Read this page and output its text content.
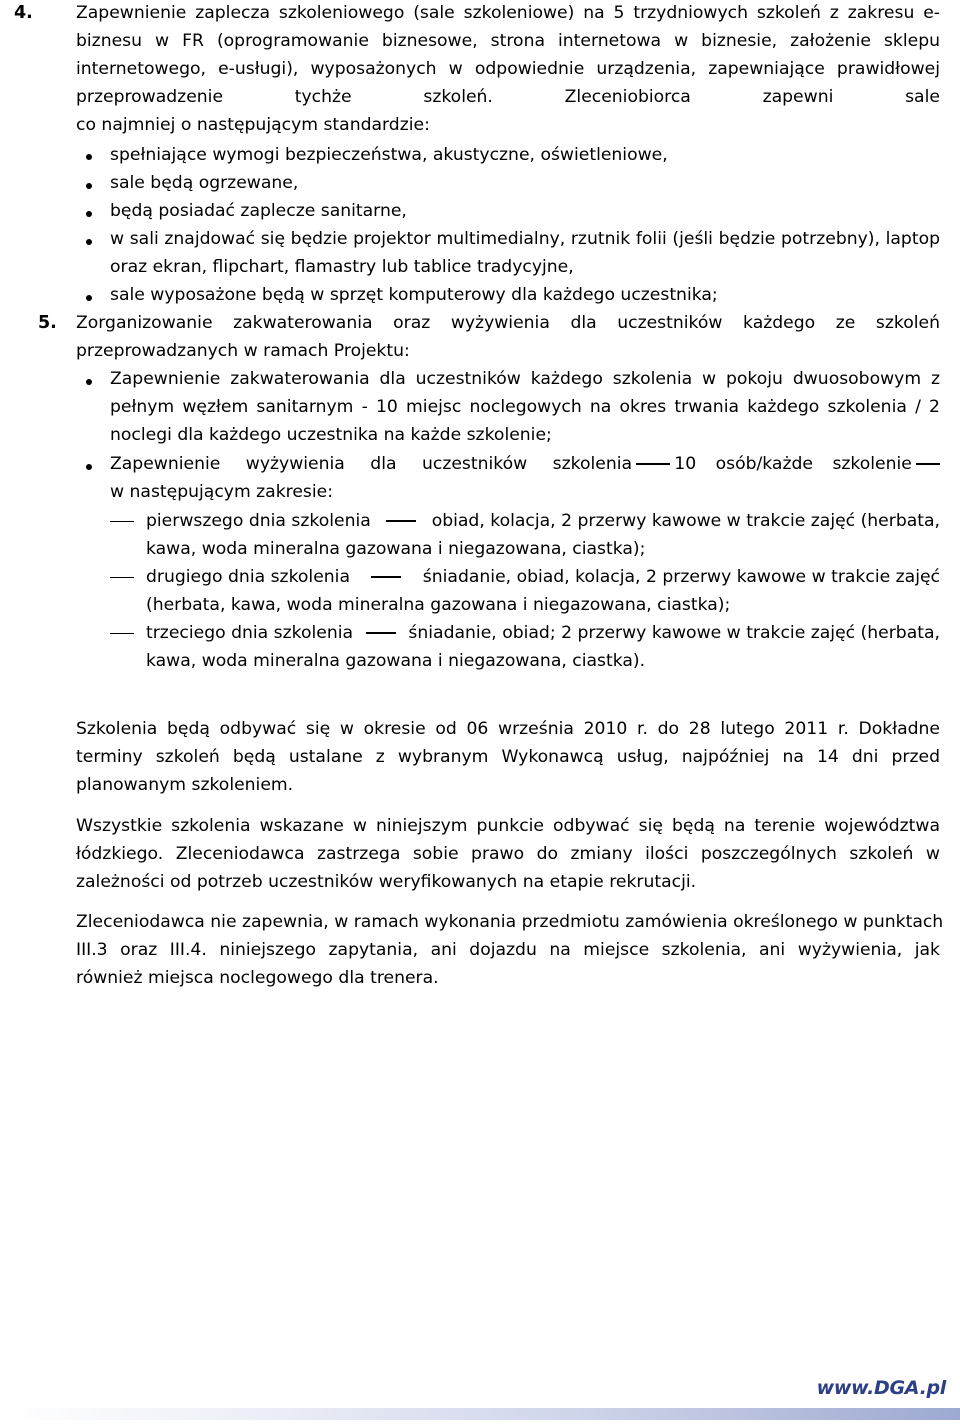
4.	Zapewnienie zaplecza szkoleniowego (sale szkoleniowe) na 5 trzydniowych szkoleń z zakresu e-
biznesu w FR (oprogramowanie biznesowe, strona internetowa w biznesie, założenie sklepu
internetowego, e-usługi), wyposażonych w odpowiednie urządzenia, zapewniające prawidłowej
przeprowadzenie	tychże	szkoleń.	Zleceniobiorca	zapewni	sale
co najmniej o następującym standardzie:
spełniające wymogi bezpieczeństwa, akustyczne, oświetleniowe,
sale będą ogrzewane,
będą posiadać zaplecze sanitarne,
w sali znajdować się będzie projektor multimedialny, rzutnik folii (jeśli będzie potrzebny), laptop
oraz ekran, flipchart, flamastry lub tablice tradycyjne,
sale wyposażone będą w sprzęt komputerowy dla każdego uczestnika;
5. Zorganizowanie zakwaterowania oraz wyżywienia dla uczestników każdego ze szkoleń
przeprowadzanych w ramach Projektu:
Zapewnienie zakwaterowania dla uczestników każdego szkolenia w pokoju dwuosobowym z
pełnym węzłem sanitarnym - 10 miejsc noclegowych na okres trwania każdego szkolenia / 2
noclegi dla każdego uczestnika na każde szkolenie;
Zapewnienie wyżywienia dla uczestników szkolenia 10 osób/każde szkolenie
w następującym zakresie:
pierwszego dnia szkolenia	obiad, kolacja, 2 przerwy kawowe w trakcie zajęć (herbata,
kawa, woda mineralna gazowana i niegazowana, ciastka);
drugiego dnia szkolenia	śniadanie, obiad, kolacja, 2 przerwy kawowe w trakcie zajęć
(herbata, kawa, woda mineralna gazowana i niegazowana, ciastka);
trzeciego dnia szkolenia	śniadanie, obiad; 2 przerwy kawowe w trakcie zajęć (herbata,
kawa, woda mineralna gazowana i niegazowana, ciastka).
Szkolenia będą odbywać się w okresie od 06 września 2010 r. do 28 lutego 2011 r. Dokładne
terminy szkoleń będą ustalane z wybranym Wykonawcą usług, najpóźniej na 14 dni przed
planowanym szkoleniem.
Wszystkie szkolenia wskazane w niniejszym punkcie odbywać się będą na terenie województwa
łódzkiego. Zleceniodawca zastrzega sobie prawo do zmiany ilości poszczególnych szkoleń w
zależności od potrzeb uczestników weryfikowanych na etapie rekrutacji.
Zleceniodawca nie zapewnia, w ramach wykonania przedmiotu zamówienia określonego w punktach
III.3 oraz III.4. niniejszego zapytania, ani dojazdu na miejsce szkolenia, ani wyżywienia, jak
również miejsca noclegowego dla trenera.
www.DGA.pl
